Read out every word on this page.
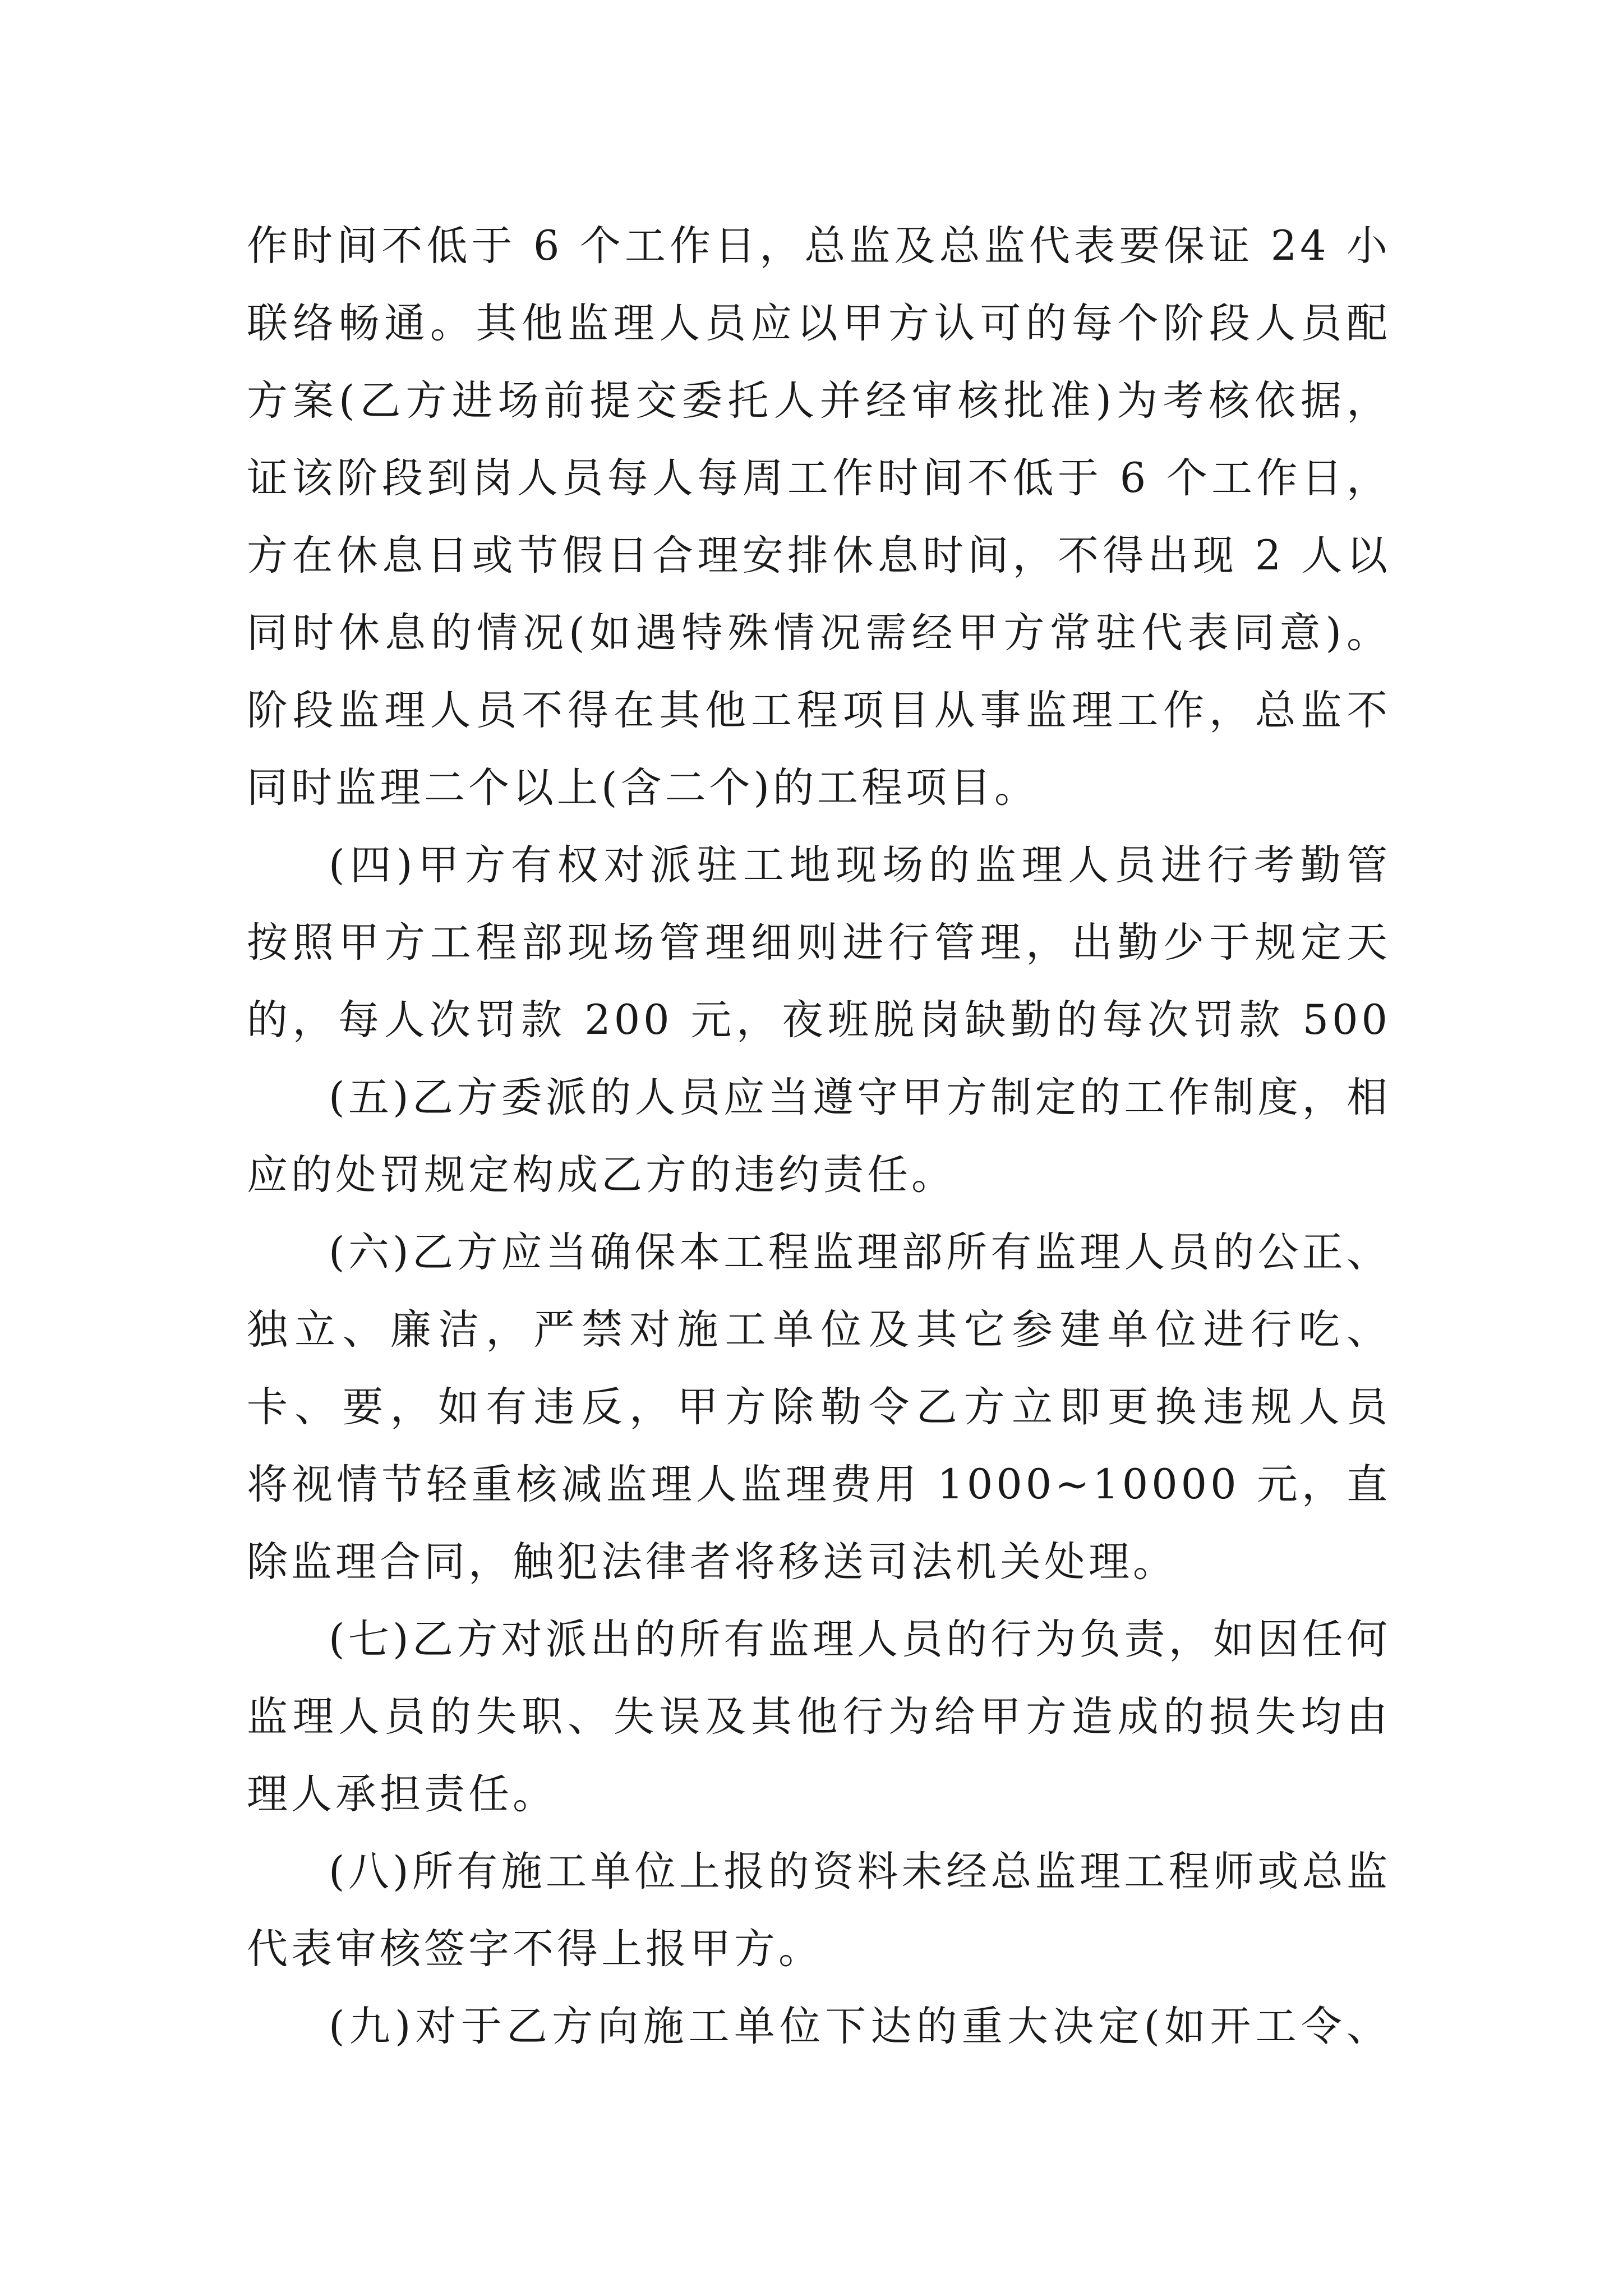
作时间不低于 6 个工作日，总监及总监代表要保证 24 小
联络畅通。其他监理人员应以甲方认可的每个阶段人员配
方案(乙方进场前提交委托人并经审核批准)为考核依据，
证该阶段到岗人员每人每周工作时间不低于 6 个工作日，
方在休息日或节假日合理安排休息时间，不得出现 2 人以
同时休息的情况(如遇特殊情况需经甲方常驻代表同意)。
阶段监理人员不得在其他工程项目从事监理工作，总监不
同时监理二个以上(含二个)的工程项目。
(四)甲方有权对派驻工地现场的监理人员进行考勤管
按照甲方工程部现场管理细则进行管理，出勤少于规定天
的，每人次罚款 200 元，夜班脱岗缺勤的每次罚款 500
(五)乙方委派的人员应当遵守甲方制定的工作制度，相
应的处罚规定构成乙方的违约责任。
(六)乙方应当确保本工程监理部所有监理人员的公正、
独立、廉洁，严禁对施工单位及其它参建单位进行吃、
卡、要，如有违反，甲方除勒令乙方立即更换违规人员
将视情节轻重核减监理人监理费用 1000~10000 元，直
除监理合同，触犯法律者将移送司法机关处理。
(七)乙方对派出的所有监理人员的行为负责，如因任何
监理人员的失职、失误及其他行为给甲方造成的损失均由
理人承担责任。
(八)所有施工单位上报的资料未经总监理工程师或总监
代表审核签字不得上报甲方。
(九)对于乙方向施工单位下达的重大决定(如开工令、
